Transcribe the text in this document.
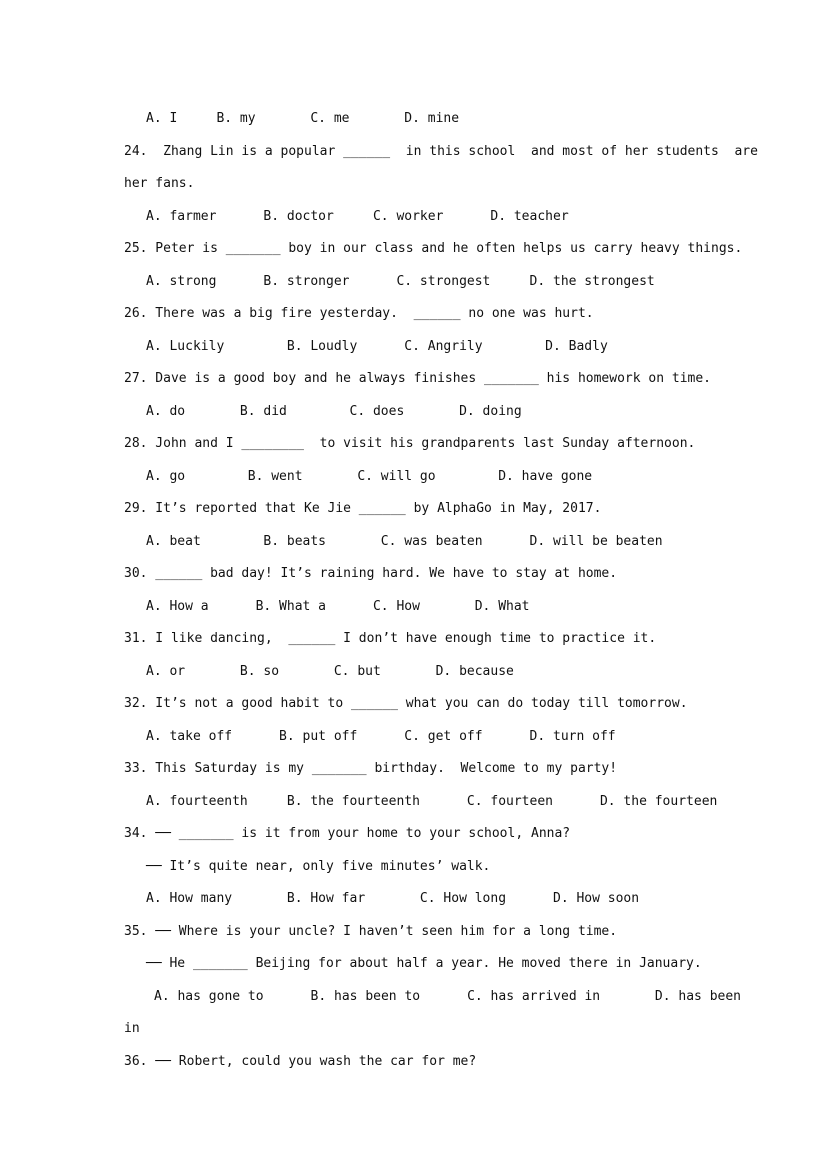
A. I     B. my       C. me       D. mine
24.  Zhang Lin is a popular ______  in this school  and most of her students  are
her fans.
A. farmer      B. doctor     C. worker      D. teacher
25. Peter is _______ boy in our class and he often helps us carry heavy things.
A. strong      B. stronger      C. strongest     D. the strongest
26. There was a big fire yesterday.  ______ no one was hurt.
A. Luckily        B. Loudly      C. Angrily        D. Badly
27. Dave is a good boy and he always finishes _______ his homework on time.
A. do       B. did        C. does       D. doing
28. John and I ________  to visit his grandparents last Sunday afternoon.
A. go        B. went       C. will go        D. have gone
29. It’s reported that Ke Jie ______ by AlphaGo in May, 2017.
A. beat        B. beats       C. was beaten      D. will be beaten
30. ______ bad day! It’s raining hard. We have to stay at home.
A. How a      B. What a      C. How       D. What
31. I like dancing,  ______ I don’t have enough time to practice it.
A. or       B. so       C. but       D. because
32. It’s not a good habit to ______ what you can do today till tomorrow.
A. take off      B. put off      C. get off      D. turn off
33. This Saturday is my _______ birthday.  Welcome to my party!
A. fourteenth     B. the fourteenth      C. fourteen      D. the fourteen
34. ── _______ is it from your home to your school, Anna?
── It’s quite near, only five minutes’ walk.
A. How many       B. How far       C. How long      D. How soon
35. ── Where is your uncle? I haven’t seen him for a long time.
── He _______ Beijing for about half a year. He moved there in January.
A. has gone to      B. has been to      C. has arrived in       D. has been
in
36. ── Robert, could you wash the car for me?
